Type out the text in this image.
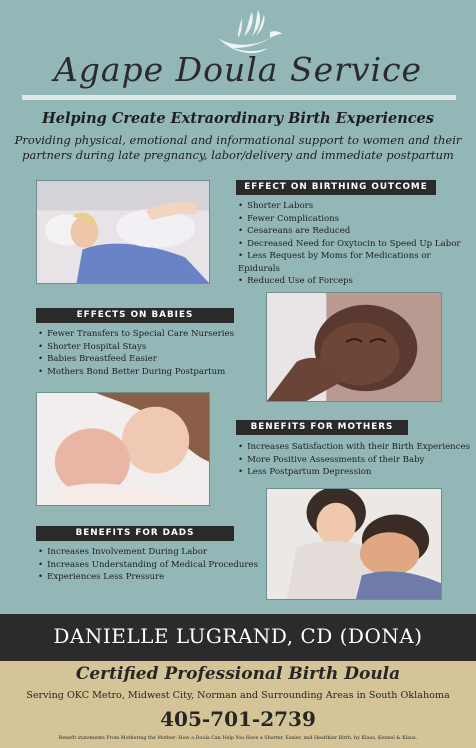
Agape Doula Service
Helping Create Extraordinary Birth Experiences
Providing physical, emotional and informational support to women and their partners during late pregnancy, labor/delivery and immediate postpartum
EFFECT ON BIRTHING OUTCOME
• Shorter Labors
• Fewer Complications
• Cesareans are Reduced
• Decreased Need for Oxytocin to Speed Up Labor
• Less Request by Moms for Medications or Epidurals
• Reduced Use of Forceps
EFFECTS ON BABIES
• Fewer Transfers to Special Care Nurseries
• Shorter Hospital Stays
• Babies Breastfeed Easier
• Mothers Bond Better During Postpartum
BENEFITS FOR MOTHERS
• Increases Satisfaction with their Birth Experiences
• More Positive Assessments of their Baby
• Less Postpartum Depression
BENEFITS FOR DADS
• Increases Involvement During Labor
• Increases Understanding of Medical Procedures
• Experiences Less Pressure
DANIELLE LUGRAND, CD (DONA)
Certified Professional Birth Doula
Serving OKC Metro, Midwest City, Norman and Surrounding Areas in South Oklahoma
405-701-2739
Benefit statements From Mothering the Mother: How a Doula Can Help You Have a Shorter, Easier, and Healthier Birth, by Klaus, Kennel & Klaus.
